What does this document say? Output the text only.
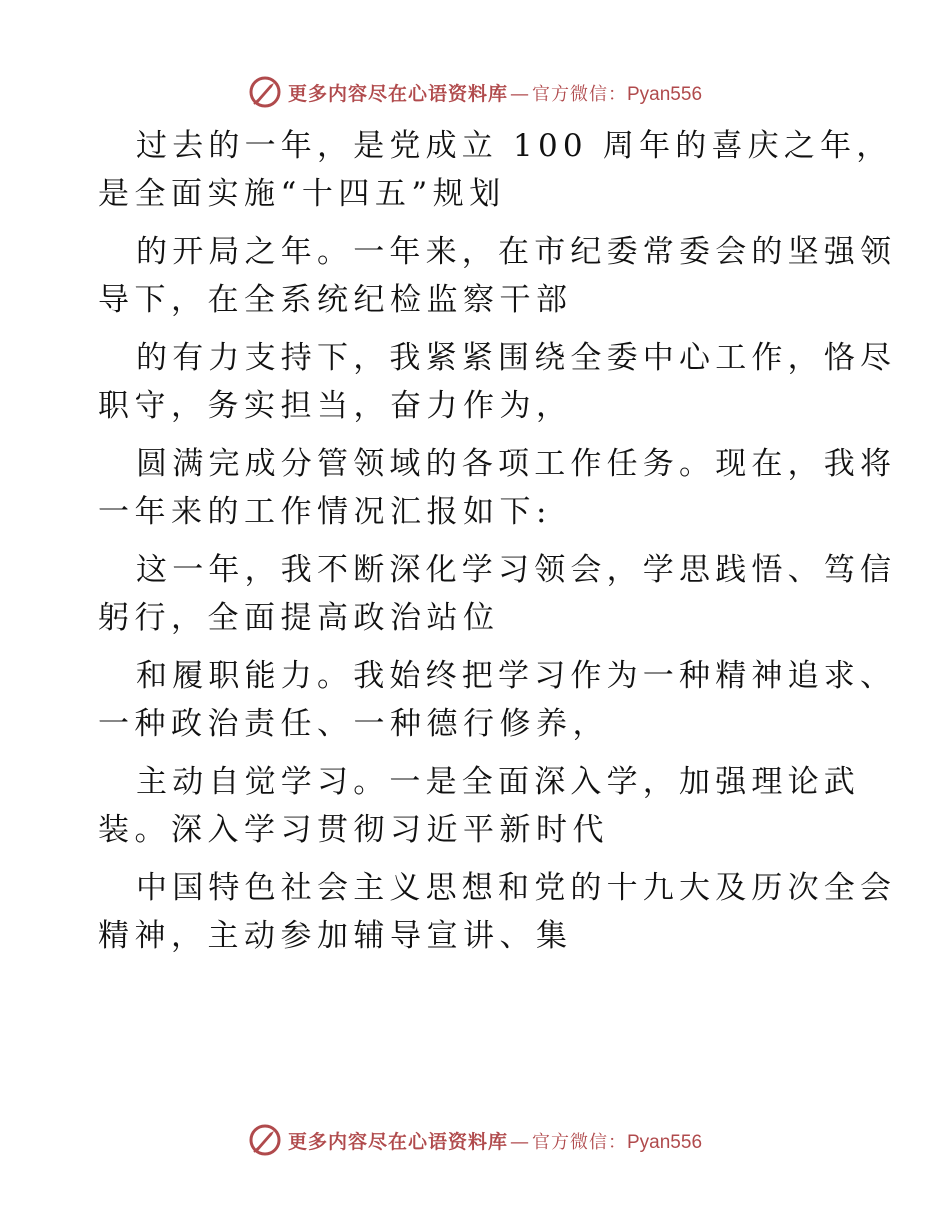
更多内容尽在心语资料库 — 官方微信： Pyan556
过去的一年，是党成立 100 周年的喜庆之年，
是全面实施“十四五”规划
的开局之年。一年来，在市纪委常委会的坚强领
导下，在全系统纪检监察干部
的有力支持下，我紧紧围绕全委中心工作，恪尽
职守，务实担当，奋力作为，
圆满完成分管领域的各项工作任务。现在，我将
一年来的工作情况汇报如下:
这一年，我不断深化学习领会，学思践悟、笃信
躬行，全面提高政治站位
和履职能力。我始终把学习作为一种精神追求、
一种政治责任、一种德行修养，
主动自觉学习。一是全面深入学，加强理论武
装。深入学习贯彻习近平新时代
中国特色社会主义思想和党的十九大及历次全会
精神，主动参加辅导宣讲、集
更多内容尽在心语资料库 — 官方微信： Pyan556
